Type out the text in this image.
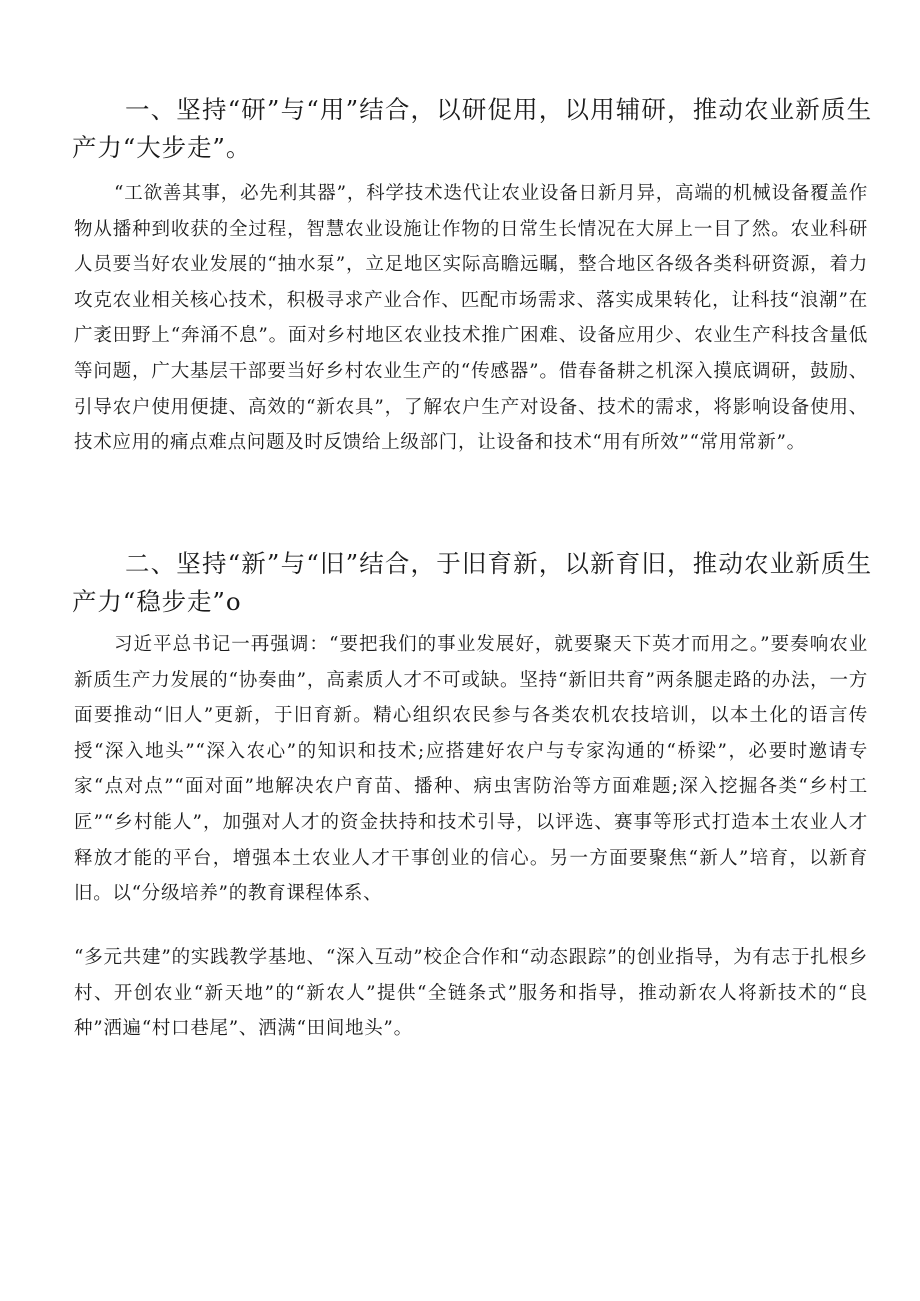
一、坚持“研”与“用”结合，以研促用，以用辅研，推动农业新质生产力“大步走”。

“工欲善其事，必先利其器”，科学技术迭代让农业设备日新月异，高端的机械设备覆盖作物从播种到收获的全过程，智慧农业设施让作物的日常生长情况在大屏上一目了然。农业科研人员要当好农业发展的“抽水泵”，立足地区实际高瞻远瞩，整合地区各级各类科研资源，着力攻克农业相关核心技术，积极寻求产业合作、匹配市场需求、落实成果转化，让科技“浪潮”在广袤田野上“奔涌不息”。面对乡村地区农业技术推广困难、设备应用少、农业生产科技含量低等问题，广大基层干部要当好乡村农业生产的“传感器”。借春备耕之机深入摸底调研，鼓励、引导农户使用便捷、高效的“新农具”，了解农户生产对设备、技术的需求，将影响设备使用、技术应用的痛点难点问题及时反馈给上级部门，让设备和技术“用有所效”“常用常新”。

二、坚持“新”与“旧”结合，于旧育新，以新育旧，推动农业新质生产力“稳步走”o

习近平总书记一再强调：“要把我们的事业发展好，就要聚天下英才而用之。”要奏响农业新质生产力发展的“协奏曲”，高素质人才不可或缺。坚持“新旧共育”两条腿走路的办法，一方面要推动“旧人”更新，于旧育新。精心组织农民参与各类农机农技培训，以本土化的语言传授“深入地头”“深入农心”的知识和技术;应搭建好农户与专家沟通的“桥梁”，必要时邀请专家“点对点”“面对面”地解决农户育苗、播种、病虫害防治等方面难题;深入挖掘各类“乡村工匠”“乡村能人”，加强对人才的资金扶持和技术引导，以评选、赛事等形式打造本土农业人才释放才能的平台，增强本土农业人才干事创业的信心。另一方面要聚焦“新人”培育，以新育旧。以“分级培养”的教育课程体系、

“多元共建”的实践教学基地、“深入互动”校企合作和“动态跟踪”的创业指导，为有志于扎根乡村、开创农业“新天地”的“新农人”提供“全链条式”服务和指导，推动新农人将新技术的“良种”洒遍“村口巷尾”、洒满“田间地头”。
